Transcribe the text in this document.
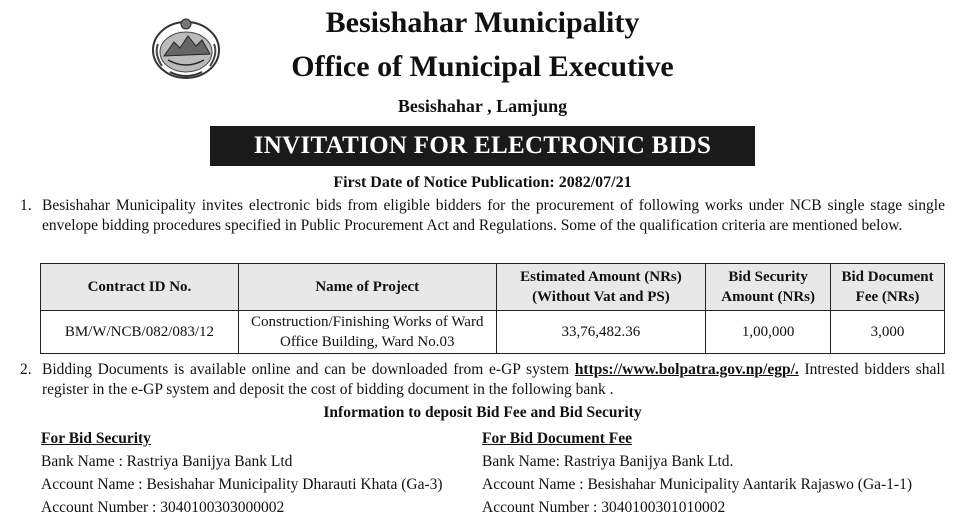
Besishahar Municipality
Office of Municipal Executive
Besishahar , Lamjung
INVITATION FOR ELECTRONIC BIDS
First Date of Notice Publication: 2082/07/21
1. Besishahar Municipality invites electronic bids from eligible bidders for the procurement of following works under NCB single stage single envelope bidding procedures specified in Public Procurement Act and Regulations. Some of the qualification criteria are mentioned below.
Contract ID No.	Name of Project	Estimated Amount (NRs) (Without Vat and PS)	Bid Security Amount (NRs)	Bid Document Fee (NRs)
BM/W/NCB/082/083/12	Construction/Finishing Works of Ward Office Building, Ward No.03	33,76,482.36	1,00,000	3,000
2. Bidding Documents is available online and can be downloaded from e-GP system https://www.bolpatra.gov.np/egp/. Intrested bidders shall register in the e-GP system and deposit the cost of bidding document in the following bank .
Information to deposit Bid Fee and Bid Security
For Bid Security
Bank Name : Rastriya Banijya Bank Ltd
Account Name : Besishahar Municipality Dharauti Khata (Ga-3)
Account Number : 3040100303000002
For Bid Document Fee
Bank Name: Rastriya Banijya Bank Ltd.
Account Name : Besishahar Municipality Aantarik Rajaswo (Ga-1-1)
Account Number : 3040100301010002
